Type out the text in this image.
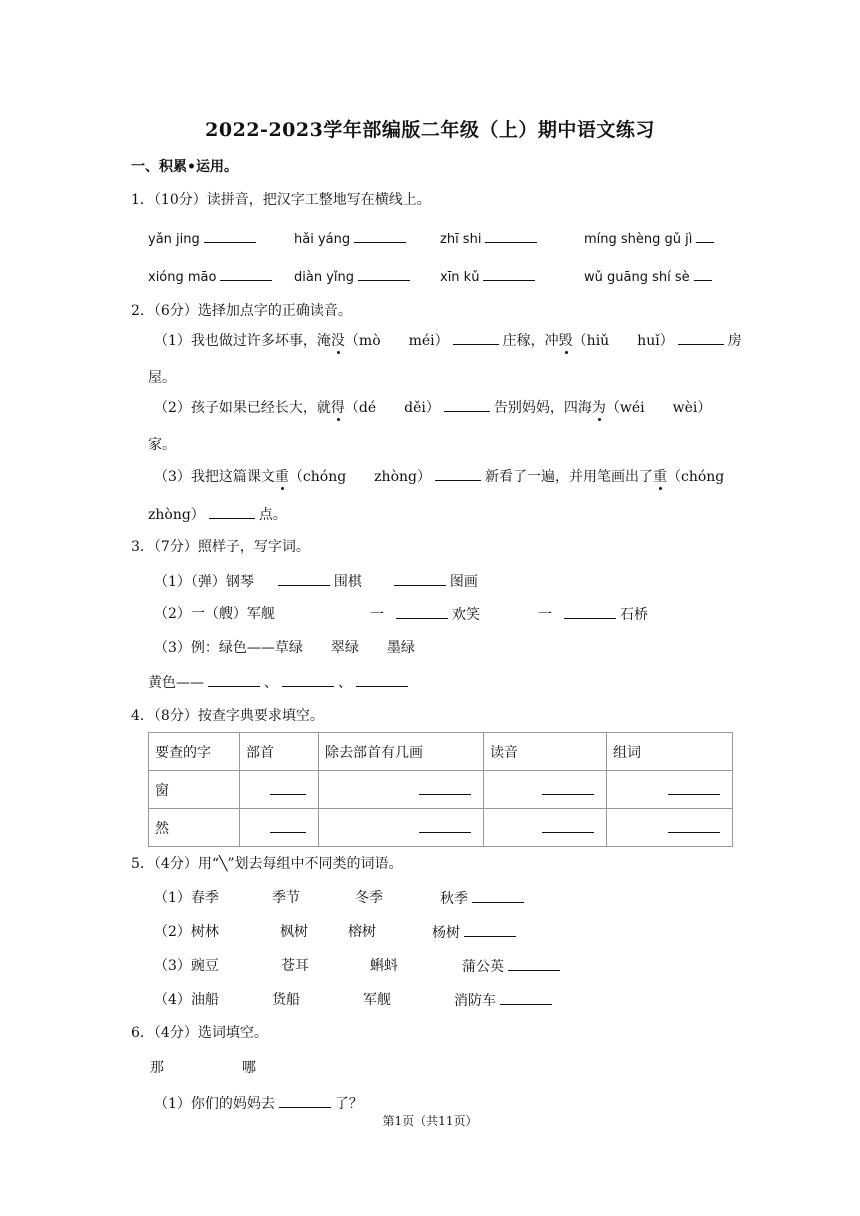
2022-2023学年部编版二年级（上）期中语文练习
一、积累•运用。
1．（10分）读拼音，把汉字工整地写在横线上。
yǎn jing	hǎi yáng	zhī shi	míng shèng gǔ jì
xióng māo	diàn yǐng	xīn kǔ	wǔ guāng shí sè
2．（6分）选择加点字的正确读音。
（1）我也做过许多坏事，淹没（mò　　méi）	庄稼，冲毁（hiǔ　　huǐ）	房
屋。
（2）孩子如果已经长大，就得（dé　　děi）	告别妈妈，四海为（wéi　　wèi）
家。
（3）我把这篇课文重（chóng　　zhòng）	新看了一遍，并用笔画出了重（chóng
zhòng）	点。
3．（7分）照样子，写字词。
（1）（弹）钢琴	围棋	图画
（2）一（艘）军舰	一	欢笑	一	石桥
（3）例：绿色——草绿　　翠绿　　墨绿
黄色——	、	、
4．（8分）按查字典要求填空。
要查的字	部首	除去部首有几画	读音	组词
窗				
然				
5．（4分）用“╲”划去每组中不同类的词语。
（1）春季	季节	冬季	秋季
（2）树林	枫树	榕树	杨树
（3）豌豆	苍耳	蝌蚪	蒲公英
（4）油船	货船	军舰	消防车
6．（4分）选词填空。
那	哪
（1）你们的妈妈去	了？
第1页（共11页）
